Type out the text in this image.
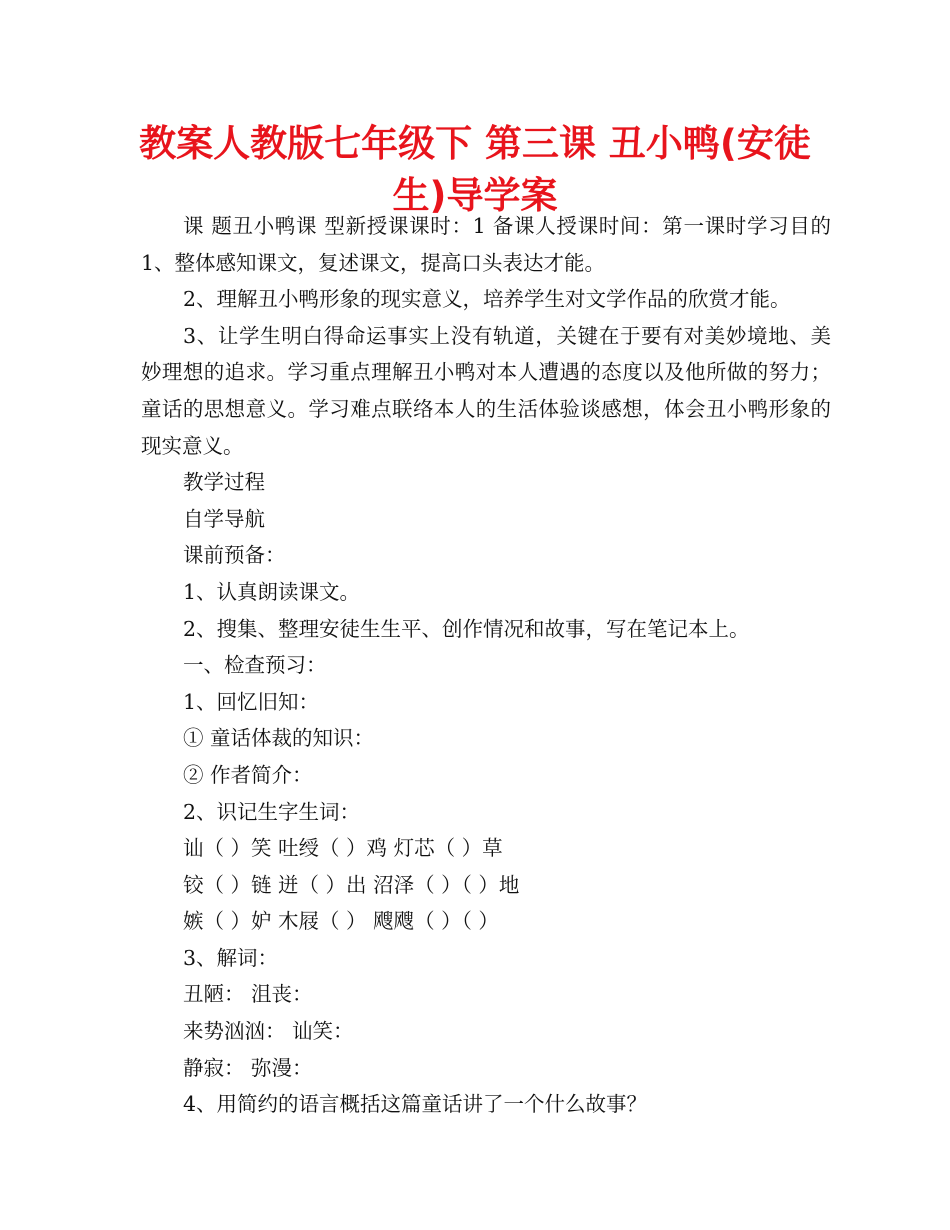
教案人教版七年级下 第三课 丑小鸭(安徒生)导学案

课 题丑小鸭课 型新授课课时：1 备课人授课时间：第一课时学习目的 1、整体感知课文，复述课文，提高口头表达才能。

2、理解丑小鸭形象的现实意义，培养学生对文学作品的欣赏才能。

3、让学生明白得命运事实上没有轨道，关键在于要有对美妙境地、美妙理想的追求。学习重点理解丑小鸭对本人遭遇的态度以及他所做的努力；童话的思想意义。学习难点联络本人的生活体验谈感想，体会丑小鸭形象的现实意义。

教学过程

自学导航

课前预备：

1、认真朗读课文。

2、搜集、整理安徒生生平、创作情况和故事，写在笔记本上。

一、检查预习：

1、回忆旧知：

① 童话体裁的知识：

② 作者简介：

2、识记生字生词：

讪（ ）笑 吐绶（ ）鸡 灯芯（ ）草

铰（ ）链 迸（ ）出 沼泽（ ）（ ）地

嫉（ ）妒 木屐（ ） 飕飕（ ）（ ）

3、解词：

丑陋： 沮丧：

来势汹汹： 讪笑：

静寂： 弥漫：

4、用简约的语言概括这篇童话讲了一个什么故事？
